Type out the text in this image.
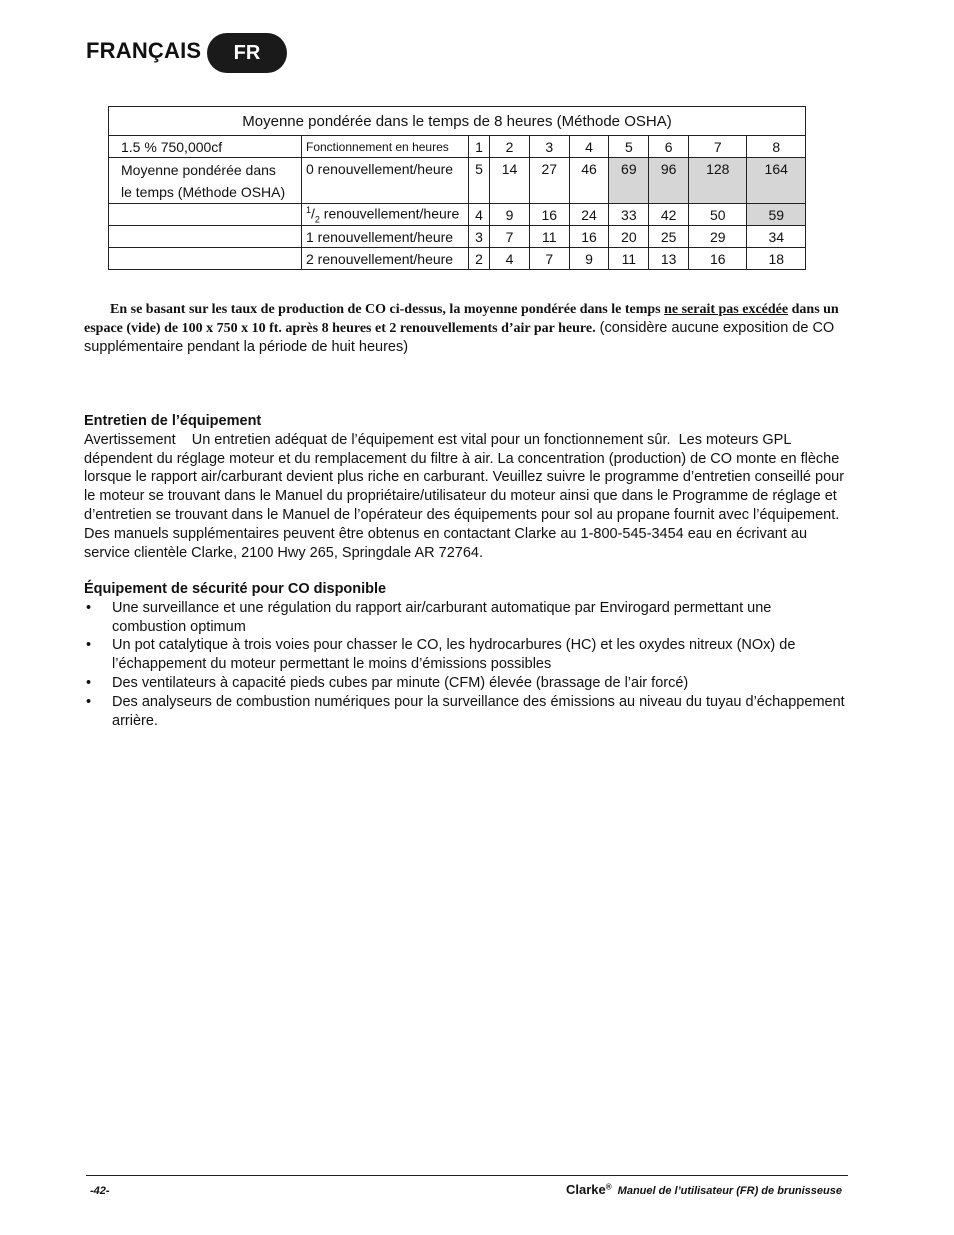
FRANÇAIS	FR
Moyenne pondérée dans le temps de 8 heures (Méthode OSHA)									
1.5 % 750,000cf	Fonctionnement en heures	1	2	3	4	5	6	7	8
Moyenne pondérée dans
le temps (Méthode OSHA)	0 renouvellement/heure	5	14	27	46	69	96	128	164
	$^1/_2$ renouvellement/heure	4	9	16	24	33	42	50	59
	1 renouvellement/heure	3	7	11	16	20	25	29	34
	2 renouvellement/heure	2	4	7	9	11	13	16	18
En se basant sur les taux de production de CO ci-dessus, la moyenne pondérée dans le temps ne serait pas excédée dans un espace (vide) de 100 x 750 x 10 ft. après 8 heures et 2 renouvellements d’air par heure. (considère aucune exposition de CO supplémentaire pendant la période de huit heures)
Entretien de l’équipement

Avertissement    Un entretien adéquat de l’équipement est vital pour un fonctionnement sûr.  Les moteurs GPL dépendent du réglage moteur et du remplacement du filtre à air. La concentration (production) de CO monte en flèche lorsque le rapport air/carburant devient plus riche en carburant. Veuillez suivre le programme d’entretien conseillé pour le moteur se trouvant dans le Manuel du propriétaire/utilisateur du moteur ainsi que dans le Programme de réglage et d’entretien se trouvant dans le Manuel de l’opérateur des équipements pour sol au propane fournit avec l’équipement. Des manuels supplémentaires peuvent être obtenus en contactant Clarke au 1-800-545-3454 eau en écrivant au service clientèle Clarke, 2100 Hwy 265, Springdale AR 72764.

Équipement de sécurité pour CO disponible
• Une surveillance et une régulation du rapport air/carburant automatique par Envirogard permettant une combustion optimum
• Un pot catalytique à trois voies pour chasser le CO, les hydrocarbures (HC) et les oxydes nitreux (NOx) de l’échappement du moteur permettant le moins d’émissions possibles
• Des ventilateurs à capacité pieds cubes par minute (CFM) élevée (brassage de l’air forcé)
• Des analyseurs de combustion numériques pour la surveillance des émissions au niveau du tuyau d’échappement arrière.
-42-	Clarke® Manuel de l’utilisateur (FR) de brunisseuse
